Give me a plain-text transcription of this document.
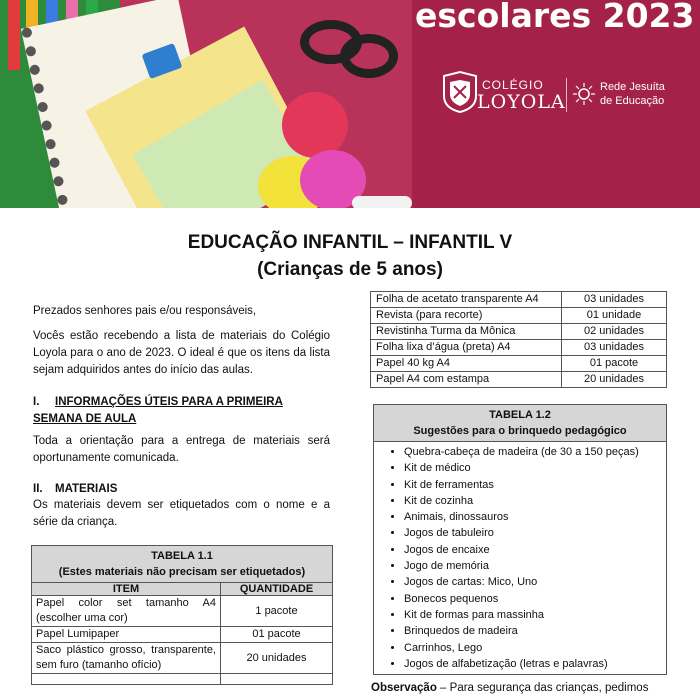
escolares 2023
COLÉGIO
LOYOLA
Rede Jesuíta
de Educação
EDUCAÇÃO INFANTIL – INFANTIL V
(Crianças de 5 anos)

Prezados senhores pais e/ou responsáveis,

Vocês estão recebendo a lista de materiais do Colégio Loyola para o ano de 2023. O ideal é que os itens da lista sejam adquiridos antes do início das aulas.

I. INFORMAÇÕES ÚTEIS PARA A PRIMEIRA SEMANA DE AULA

Toda a orientação para a entrega de materiais será oportunamente comunicada.

II. MATERIAIS

Os materiais devem ser etiquetados com o nome e a série da criança.

TABELA 1.1
(Estes materiais não precisam ser etiquetados)	

ITEM	QUANTIDADE
Papel color set tamanho A4 (escolher uma cor)	1 pacote
Papel Lumipaper	01 pacote
Saco plástico grosso, transparente, sem furo (tamanho ofício)	20 unidades

Folha de acetato transparente A4	03 unidades
Revista (para recorte)	01 unidade
Revistinha Turma da Mônica	02 unidades
Folha lixa d’água (preta) A4	03 unidades
Papel 40 kg A4	01 pacote
Papel A4 com estampa	20 unidades
TABELA 1.2
Sugestões para o brinquedo pedagógico

• Quebra-cabeça de madeira (de 30 a 150 peças)
• Kit de médico
• Kit de ferramentas
• Kit de cozinha
• Animais, dinossauros
• Jogos de tabuleiro
• Jogos de encaixe
• Jogo de memória
• Jogos de cartas: Mico, Uno
• Bonecos pequenos
• Kit de formas para massinha
• Brinquedos de madeira
• Carrinhos, Lego
• Jogos de alfabetização (letras e palavras)

Observação – Para segurança das crianças, pedimos
